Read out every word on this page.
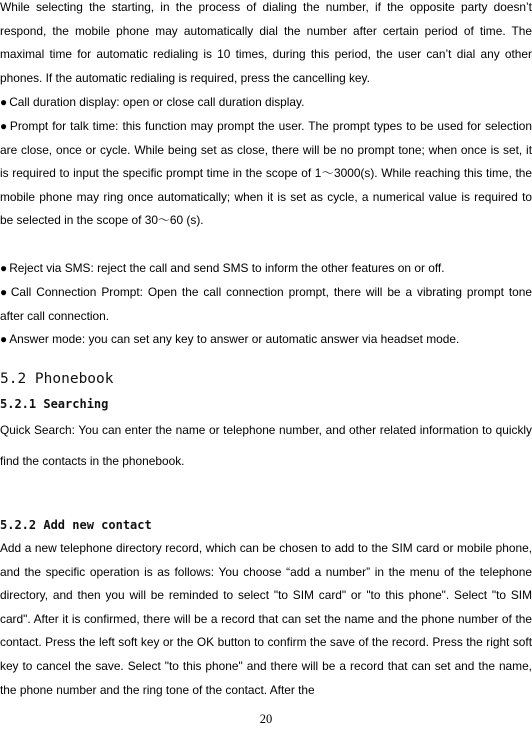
While selecting the starting, in the process of dialing the number, if the opposite party doesn’t respond, the mobile phone may automatically dial the number after certain period of time. The maximal time for automatic redialing is 10 times, during this period, the user can’t dial any other phones. If the automatic redialing is required, press the cancelling key.

● Call duration display: open or close call duration display.

● Prompt for talk time: this function may prompt the user. The prompt types to be used for selection are close, once or cycle. While being set as close, there will be no prompt tone; when once is set, it is required to input the specific prompt time in the scope of 1～3000(s). While reaching this time, the mobile phone may ring once automatically; when it is set as cycle, a numerical value is required to be selected in the scope of 30～60 (s).

● Reject via SMS: reject the call and send SMS to inform the other features on or off.

● Call Connection Prompt: Open the call connection prompt, there will be a vibrating prompt tone after call connection.

● Answer mode: you can set any key to answer or automatic answer via headset mode.

5.2 Phonebook
5.2.1 Searching

Quick Search: You can enter the name or telephone number, and other related information to quickly find the contacts in the phonebook.

5.2.2 Add new contact

Add a new telephone directory record, which can be chosen to add to the SIM card or mobile phone, and the specific operation is as follows: You choose “add a number” in the menu of the telephone directory, and then you will be reminded to select "to SIM card" or "to this phone". Select "to SIM card". After it is confirmed, there will be a record that can set the name and the phone number of the contact. Press the left soft key or the OK button to confirm the save of the record. Press the right soft key to cancel the save. Select "to this phone" and there will be a record that can set and the name, the phone number and the ring tone of the contact. After the

20
